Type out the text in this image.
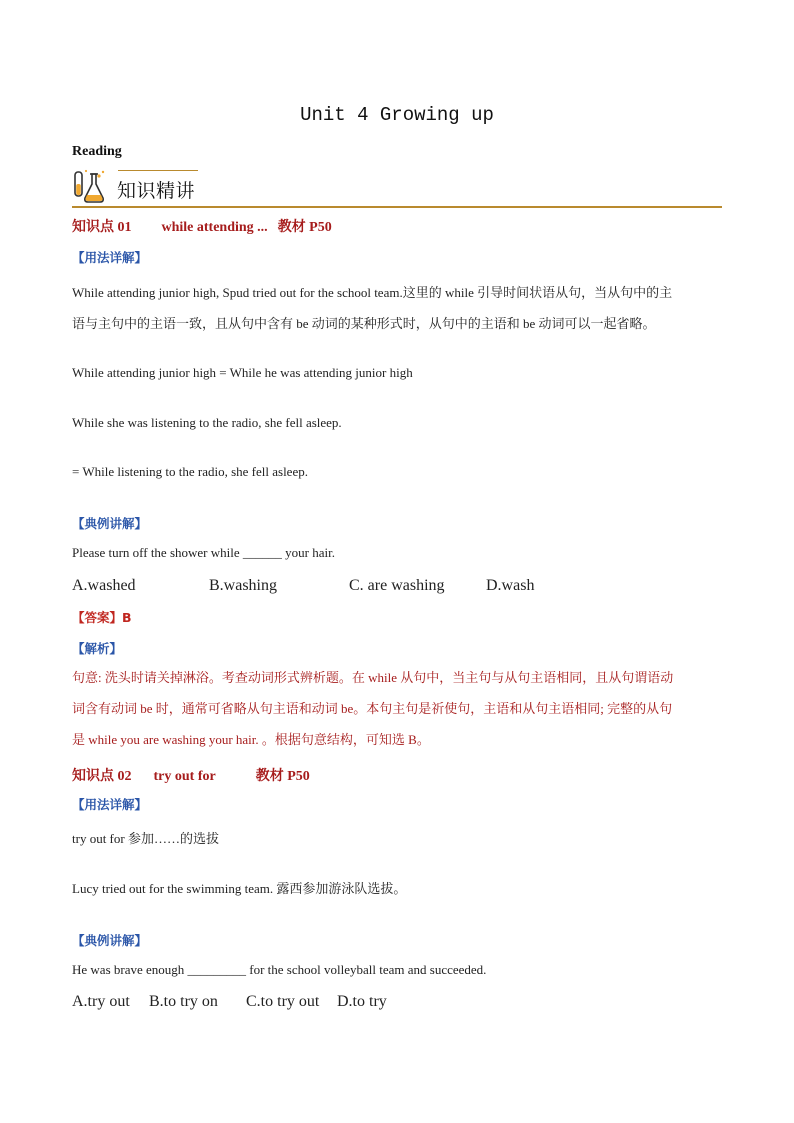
Unit 4 Growing up
Reading
知识精讲
知识点 01 while attending ... 教材 P50
【用法详解】
While attending junior high, Spud tried out for the school team.这里的 while 引导时间状语从句，当从句中的主
语与主句中的主语一致，且从句中含有 be 动词的某种形式时，从句中的主语和 be 动词可以一起省略。
While attending junior high = While he was attending junior high
While she was listening to the radio, she fell asleep.
= While listening to the radio, she fell asleep.
【典例讲解】
Please turn off the shower while ______ your hair.
A.washed	B.washing	C. are washing	D.wash
【答案】B
【解析】
句意: 洗头时请关掉淋浴。考查动词形式辨析题。在 while 从句中，当主句与从句主语相同，且从句谓语动
词含有动词 be 时，通常可省略从句主语和动词 be。本句主句是祈使句，主语和从句主语相同; 完整的从句
是 while you are washing your hair. 。根据句意结构，可知选 B。
知识点 02 try out for	教材 P50
【用法详解】
try out for 参加……的选拔
Lucy tried out for the swimming team. 露西参加游泳队选拔。
【典例讲解】
He was brave enough _________ for the school volleyball team and succeeded.
A.try out B.to try on C.to try out D.to try
